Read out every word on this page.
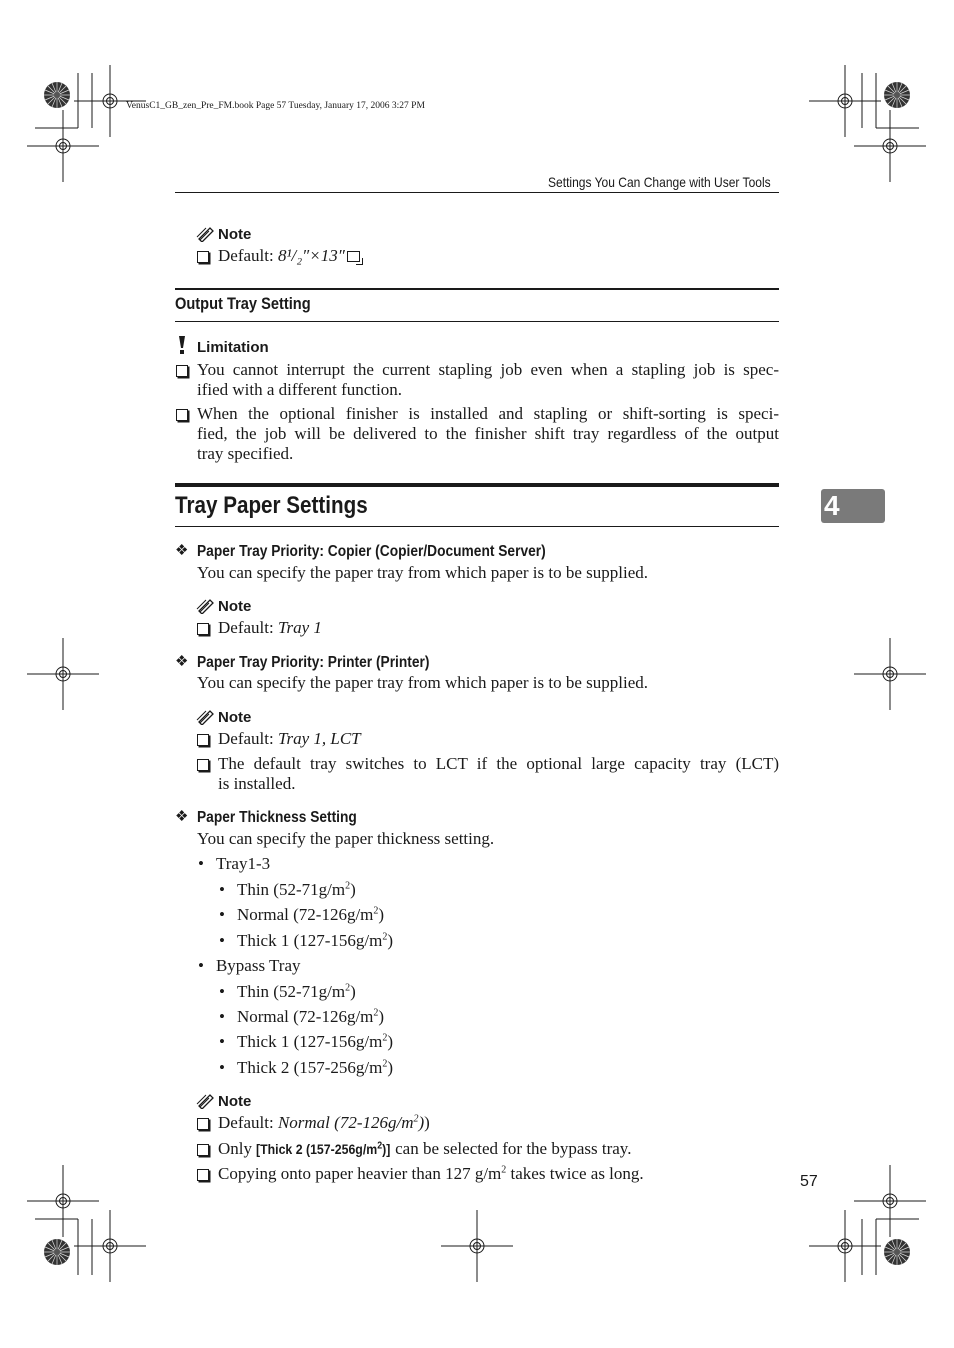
VenusC1_GB_zen_Pre_FM.book Page 57 Tuesday, January 17, 2006 3:27 PM
Settings You Can Change with User Tools
Note
Default: 8¹/₂″×13″
Output Tray Setting
Limitation
You cannot interrupt the current stapling job even when a stapling job is spec-
ified with a different function.
When the optional finisher is installed and stapling or shift-sorting is speci-
fied, the job will be delivered to the finisher shift tray regardless of the output
tray specified.
Tray Paper Settings	4
❖ Paper Tray Priority: Copier (Copier/Document Server)
You can specify the paper tray from which paper is to be supplied.
Note
Default: Tray 1
❖ Paper Tray Priority: Printer (Printer)
You can specify the paper tray from which paper is to be supplied.
Note
Default: Tray 1, LCT
The default tray switches to LCT if the optional large capacity tray (LCT)
is installed.
❖ Paper Thickness Setting
You can specify the paper thickness setting.
• Tray1-3
• Thin $(52-71g/m^2)$
• Normal $(72-126g/m^2)$
• Thick 1 $(127-156g/m^2)$
• Bypass Tray
• Thin $(52-71g/m^2)$
• Normal $(72-126g/m^2)$
• Thick 1 $(127-156g/m^2)$
• Thick 2 $(157-256g/m^2)$
Note
Default: Normal $(72-126g/m^2)$)
Only [Thick 2 $(157-256g/m^2)$] can be selected for the bypass tray.
Copying onto paper heavier than 127 $g/m^2$ takes twice as long.	57
